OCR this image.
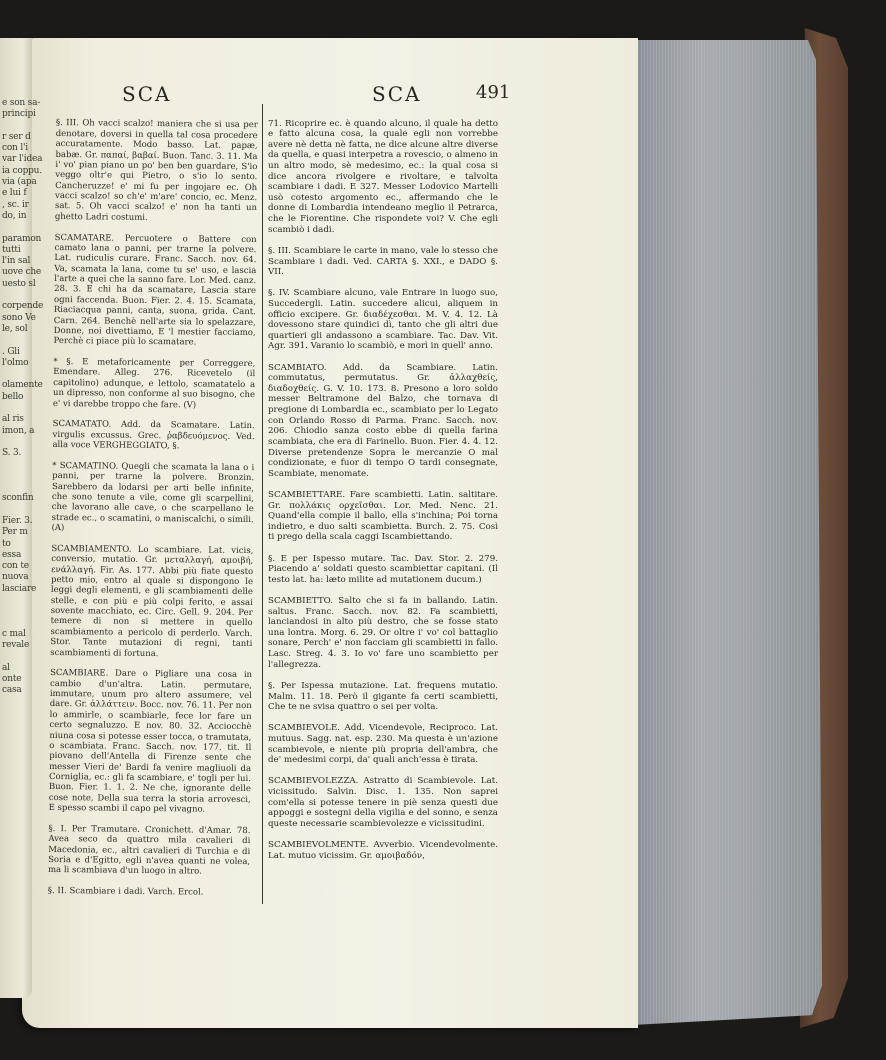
e son sa-
principi

r ser d
con l'i
var l'idea
ia coppu.
via (apa
e lui f
, sc. ir
do, in

paramon
tutti
l'in sal
uove che
uesto sl

corpende
sono Ve
le, sol

. Gli
l'olmo

olamente
bello

al ris
imon, a

S. 3.

sconfin

Fier. 3.
Per m
to
essa
con te
nuova
lasciare

c mal
revale

al
onte
casa
SCA	SCA	491

§. III. Oh vacci scalzo! maniera che si usa per denotare, doversi in quella tal cosa procedere accuratamente. Modo basso. Lat. papæ, babæ. Gr. παπαί, βαβαί. Buon. Tanc. 3. 11. Ma i' vo' pian piano un po' ben ben guardare, S'io veggo oltr'e qui Pietro, o s'io lo sento. Cancheruzze! e' mi fu per ingojare ec. Oh vacci scalzo! so ch'e' m'are' concio, ec. Menz. sat. 5. Oh vacci scalzo! e' non ha tanti un ghetto Ladri costumi.

SCAMATARE. Percuotere o Battere con camato lana o panni, per trarne la polvere. Lat. rudiculis curare. Franc. Sacch. nov. 64. Va, scamata la lana, come tu se' uso, e lascia l'arte a quei che la sanno fare. Lor. Med. canz. 28. 3. E chi ha da scamatare, Lascia stare ogni faccenda. Buon. Fier. 2. 4. 15. Scamata, Riaciacqua panni, canta, suona, grida. Cant. Carn. 264. Benchè nell'arte sia lo spelazzare, Donne, noi divettiamo, E 'l mestier facciamo, Perchè ci piace più lo scamatare.

* §. E metaforicamente per Correggere, Emendare. Alleg. 276. Ricevetelo (il capitolino) adunque, e lettolo, scamatatelo a un dipresso, non conforme al suo bisogno, che e' vi darebbe troppo che fare. (V)

SCAMATATO. Add. da Scamatare. Latin. virgulis excussus. Grec. ῥαβδευόμενος. Ved. alla voce VERGHEGGIATO, §.

* SCAMATINO. Quegli che scamata la lana o i panni, per trarne la polvere. Bronzin. Sarebbero da lodarsi per arti belle infinite, che sono tenute a vile, come gli scarpellini, che lavorano alle cave, o che scarpellano le strade ec., o scamatini, o maniscalchi, o simili. (A)

SCAMBIAMENTO. Lo scambiare. Lat. vicis, conversio, mutatio. Gr. μεταλλαγή, αμοιβή, ενάλλαγή. Fir. As. 177. Abbi più fiate questo petto mio, entro al quale si dispongono le leggi degli elementi, e gli scambiamenti delle stelle, e con più e più colpi ferito, e assai sovente macchiato, ec. Circ. Gell. 9. 204. Per temere di non si mettere in quello scambiamento a pericolo di perderlo. Varch. Stor. Tante mutazioni di regni, tanti scambiamenti di fortuna.

SCAMBIARE. Dare o Pigliare una cosa in cambio d'un'altra. Latin. permutare, immutare, unum pro altero assumere, vel dare. Gr. ἀλλάττειν. Bocc. nov. 76. 11. Per non lo ammirle, o scambiarle, fece lor fare un certo segnaluzzo. E nov. 80. 32. Acciocchè niuna cosa si potesse esser tocca, o tramutata, o scambiata. Franc. Sacch. nov. 177. tit. Il piovano dell'Antella di Firenze sente che messer Vieri de' Bardi fa venire magliuoli da Corniglia, ec.: gli fa scambiare, e' togli per lui. Buon. Fier. 1. 1. 2. Ne che, ignorante delle cose note, Della sua terra la storia arrovesci, E spesso scambi il capo pel vivagno.

§. I. Per Tramutare. Cronichett. d'Amar. 78. Avea seco da quattro mila cavalieri di Macedonia, ec., altri cavalieri di Turchia e di Soria e d'Egitto, egli n'avea quanti ne volea, ma li scambiava d'un luogo in altro.

§. II. Scambiare i dadi. Varch. Ercol.

71. Ricoprire ec. è quando alcuno, il quale ha detto e fatto alcuna cosa, la quale egli non vorrebbe avere nè detta nè fatta, ne dice alcune altre diverse da quella, e quasi interpetra a rovescio, o almeno in un altro modo, sè medesimo, ec.: la qual cosa si dice ancora rivolgere e rivoltare, e talvolta scambiare i dadi. E 327. Messer Lodovico Martelli usò cotesto argomento ec., affermando che le donne di Lombardia intendeano meglio il Petrarca, che le Fiorentine. Che rispondete voi? V. Che egli scambiò i dadi.

§. III. Scambiare le carte in mano, vale lo stesso che Scambiare i dadi. Ved. CARTA §. XXI., e DADO §. VII.

§. IV. Scambiare alcuno, vale Entrare in luogo suo, Succedergli. Latin. succedere alicui, aliquem in officio excipere. Gr. διαδέχεσθαι. M. V. 4. 12. Là dovessono stare quindici dì, tanto che gli altri due quartieri gli andassono a scambiare. Tac. Dav. Vit. Agr. 391. Varanio lo scambiò, e morì in quell' anno.

SCAMBIATO. Add. da Scambiare. Latin. commutatus, permutatus. Gr. ἀλλαχθείς, διαδοχθείς. G. V. 10. 173. 8. Presono a loro soldo messer Beltramone del Balzo, che tornava di pregione di Lombardia ec., scambiato per lo Legato con Orlando Rosso di Parma. Franc. Sacch. nov. 206. Chiodio sanza costo ebbe di quella farina scambiata, che era di Farinello. Buon. Fier. 4. 4. 12. Diverse pretendenze Sopra le mercanzie O mal condizionate, e fuor di tempo O tardi consegnate, Scambiate, menomate.

SCAMBIETTARE. Fare scambietti. Latin. saltitare. Gr. πολλάκις ορχεῖσθαι. Lor. Med. Nenc. 21. Quand'ella compie il ballo, ella s'inchina; Poi torna indietro, e duo salti scambietta. Burch. 2. 75. Così ti prego della scala caggi Iscambiettando.

§. E per Ispesso mutare. Tac. Dav. Stor. 2. 279. Piacendo a' soldati questo scambiettar capitani. (Il testo lat. ha: læto milite ad mutationem ducum.)

SCAMBIETTO. Salto che si fa in ballando. Latin. saltus. Franc. Sacch. nov. 82. Fa scambietti, lanciandosi in alto più destro, che se fosse stato una lontra. Morg. 6. 29. Or oltre i' vo' col battaglio sonare, Perch' e' non facciam gli scambietti in fallo. Lasc. Streg. 4. 3. Io vo' fare uno scambietto per l'allegrezza.

§. Per Ispessa mutazione. Lat. frequens mutatio. Malm. 11. 18. Però il gigante fa certi scambietti, Che te ne svisa quattro o sei per volta.

SCAMBIEVOLE. Add. Vicendevole, Reciproco. Lat. mutuus. Sagg. nat. esp. 230. Ma questa è un'azione scambievole, e niente più propria dell'ambra, che de' medesimi corpi, da' quali anch'essa è tirata.

SCAMBIEVOLEZZA. Astratto di Scambievole. Lat. vicissitudo. Salvin. Disc. 1. 135. Non saprei com'ella si potesse tenere in piè senza questi due appoggi e sostegni della vigilia e del sonno, e senza queste necessarie scambievolezze e vicissitudini.

SCAMBIEVOLMENTE. Avverbio. Vicendevolmente. Lat. mutuo vicissim. Gr. αμοιβαδόν,
